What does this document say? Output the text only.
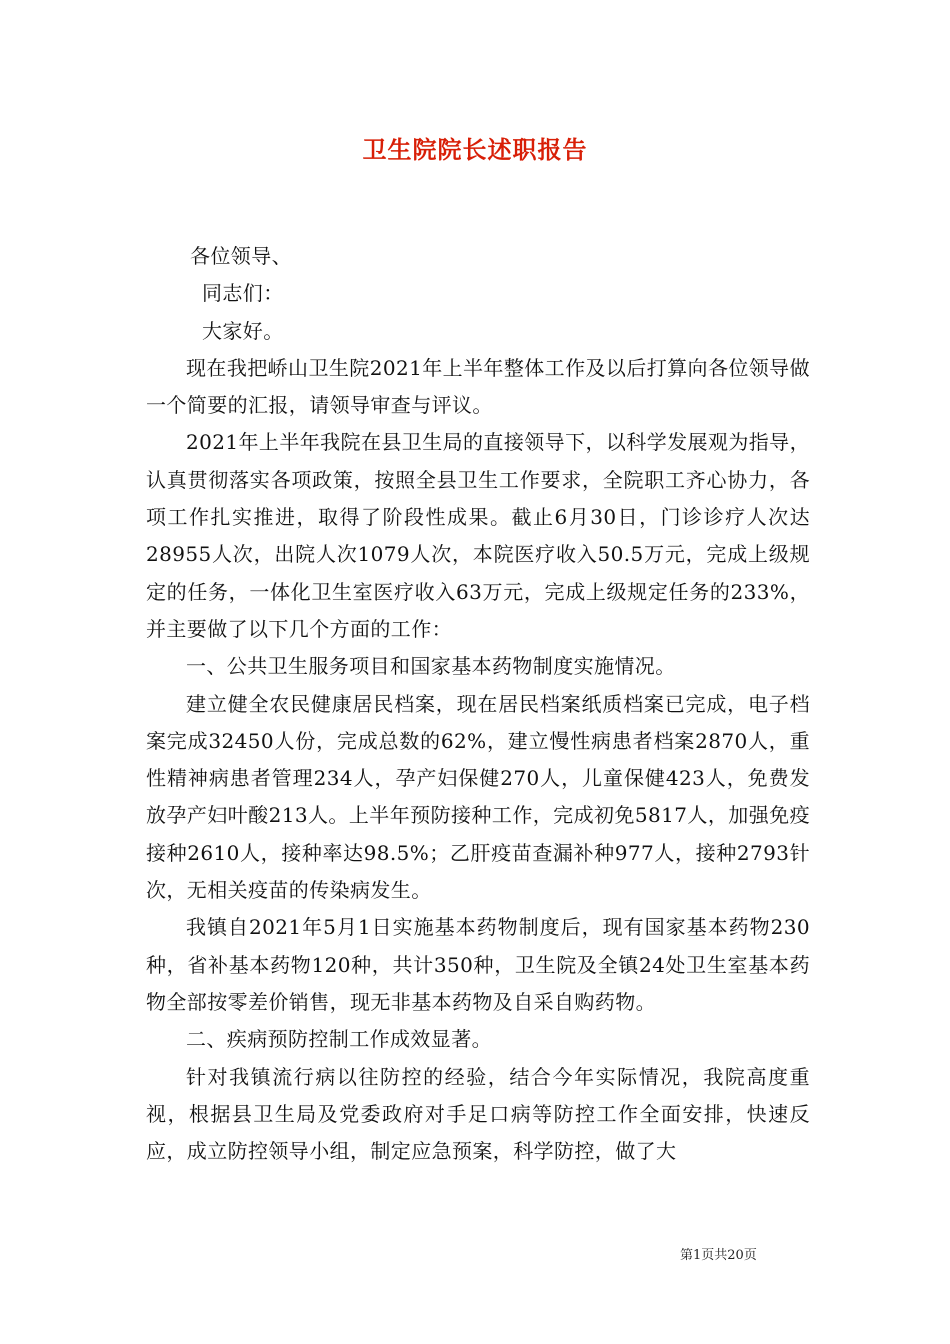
卫生院院长述职报告

各位领导、

同志们：

大家好。

现在我把峤山卫生院2021年上半年整体工作及以后打算向各位领导做一个简要的汇报，请领导审查与评议。

2021年上半年我院在县卫生局的直接领导下，以科学发展观为指导，认真贯彻落实各项政策，按照全县卫生工作要求，全院职工齐心协力，各项工作扎实推进，取得了阶段性成果。截止6月30日，门诊诊疗人次达28955人次，出院人次1079人次，本院医疗收入50.5万元，完成上级规定的任务，一体化卫生室医疗收入63万元，完成上级规定任务的233%，并主要做了以下几个方面的工作：

一、公共卫生服务项目和国家基本药物制度实施情况。

建立健全农民健康居民档案，现在居民档案纸质档案已完成，电子档案完成32450人份，完成总数的62%，建立慢性病患者档案2870人，重性精神病患者管理234人，孕产妇保健270人，儿童保健423人，免费发放孕产妇叶酸213人。上半年预防接种工作，完成初免5817人，加强免疫接种2610人，接种率达98.5%；乙肝疫苗查漏补种977人，接种2793针次，无相关疫苗的传染病发生。

我镇自2021年5月1日实施基本药物制度后，现有国家基本药物230种，省补基本药物120种，共计350种，卫生院及全镇24处卫生室基本药物全部按零差价销售，现无非基本药物及自采自购药物。

二、疾病预防控制工作成效显著。

针对我镇流行病以往防控的经验，结合今年实际情况，我院高度重视，根据县卫生局及党委政府对手足口病等防控工作全面安排，快速反应，成立防控领导小组，制定应急预案，科学防控，做了大

第1页共20页
